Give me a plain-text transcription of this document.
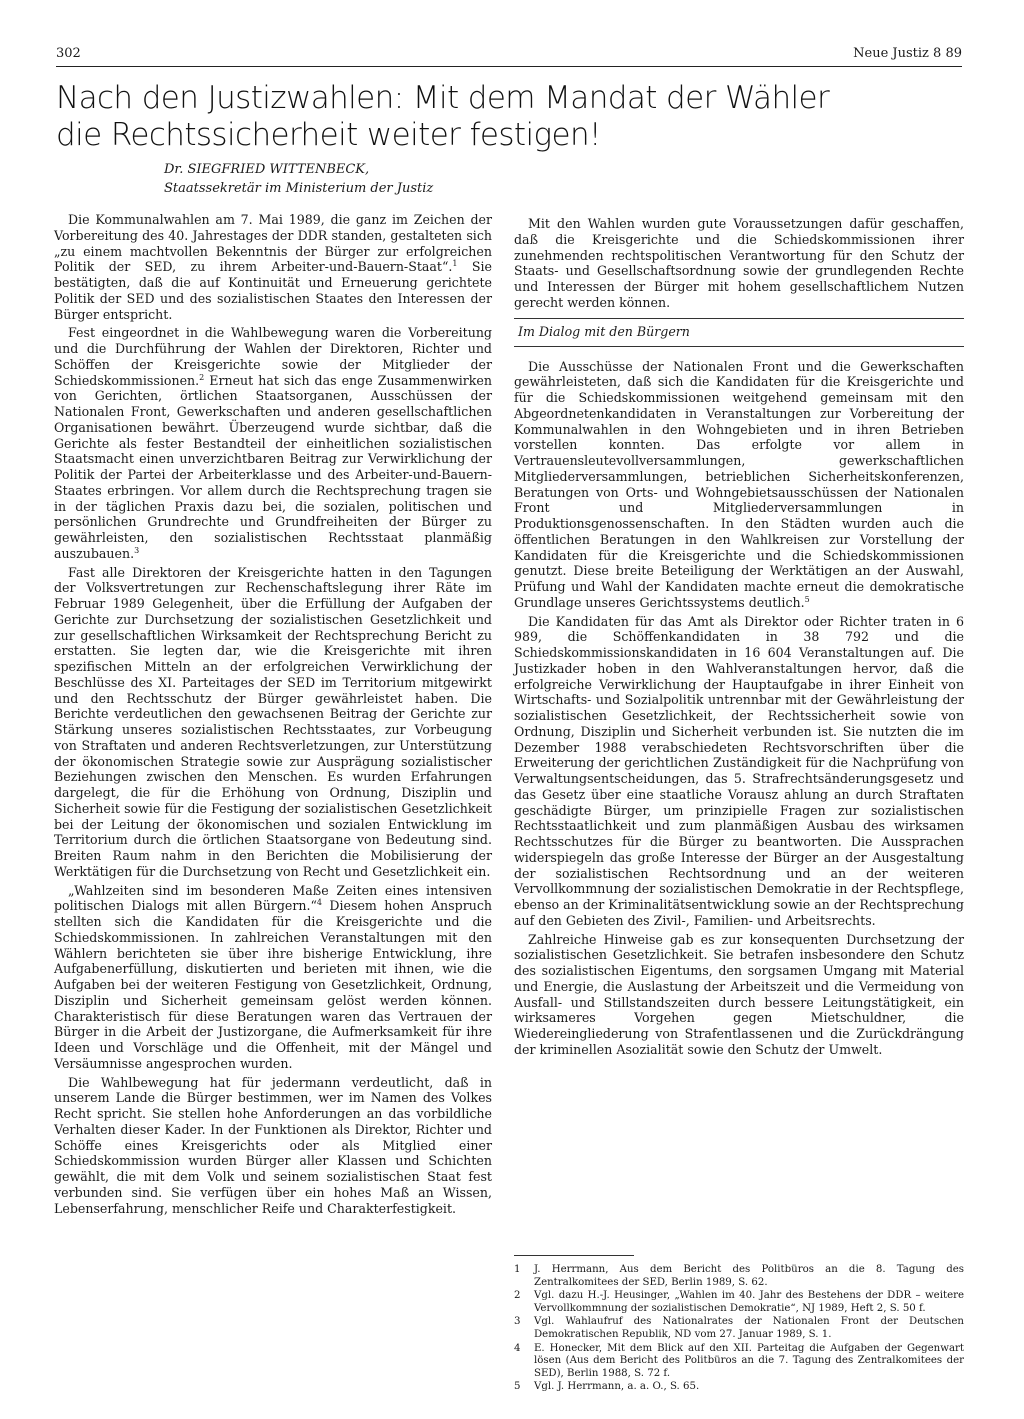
302	Neue Justiz 8 89
Nach den Justizwahlen: Mit dem Mandat der Wähler
die Rechtssicherheit weiter festigen!
Dr. SIEGFRIED WITTENBECK,
Staatssekretär im Ministerium der Justiz

Die Kommunalwahlen am 7. Mai 1989, die ganz im Zeichen der Vorbereitung des 40. Jahrestages der DDR standen, gestalteten sich „zu einem machtvollen Bekenntnis der Bürger zur erfolgreichen Politik der SED, zu ihrem Arbeiter-und-Bauern-Staat“.$^1$ Sie bestätigten, daß die auf Kontinuität und Erneuerung gerichtete Politik der SED und des sozialistischen Staates den Interessen der Bürger entspricht.

Fest eingeordnet in die Wahlbewegung waren die Vorbereitung und die Durchführung der Wahlen der Direktoren, Richter und Schöffen der Kreisgerichte sowie der Mitglieder der Schiedskommissionen.$^2$ Erneut hat sich das enge Zusammenwirken von Gerichten, örtlichen Staatsorganen, Ausschüssen der Nationalen Front, Gewerkschaften und anderen gesellschaftlichen Organisationen bewährt. Überzeugend wurde sichtbar, daß die Gerichte als fester Bestandteil der einheitlichen sozialistischen Staatsmacht einen unverzichtbaren Beitrag zur Verwirklichung der Politik der Partei der Arbeiterklasse und des Arbeiter-und-Bauern-Staates erbringen. Vor allem durch die Rechtsprechung tragen sie in der täglichen Praxis dazu bei, die sozialen, politischen und persönlichen Grundrechte und Grundfreiheiten der Bürger zu gewährleisten, den sozialistischen Rechtsstaat planmäßig auszubauen.$^3$

Fast alle Direktoren der Kreisgerichte hatten in den Tagungen der Volksvertretungen zur Rechenschaftslegung ihrer Räte im Februar 1989 Gelegenheit, über die Erfüllung der Aufgaben der Gerichte zur Durchsetzung der sozialistischen Gesetzlichkeit und zur gesellschaftlichen Wirksamkeit der Rechtsprechung Bericht zu erstatten. Sie legten dar, wie die Kreisgerichte mit ihren spezifischen Mitteln an der erfolgreichen Verwirklichung der Beschlüsse des XI. Parteitages der SED im Territorium mitgewirkt und den Rechtsschutz der Bürger gewährleistet haben. Die Berichte verdeutlichen den gewachsenen Beitrag der Gerichte zur Stärkung unseres sozialistischen Rechtsstaates, zur Vorbeugung von Straftaten und anderen Rechtsverletzungen, zur Unterstützung der ökonomischen Strategie sowie zur Ausprägung sozialistischer Beziehungen zwischen den Menschen. Es wurden Erfahrungen dargelegt, die für die Erhöhung von Ordnung, Disziplin und Sicherheit sowie für die Festigung der sozialistischen Gesetzlichkeit bei der Leitung der ökonomischen und sozialen Entwicklung im Territorium durch die örtlichen Staatsorgane von Bedeutung sind. Breiten Raum nahm in den Berichten die Mobilisierung der Werktätigen für die Durchsetzung von Recht und Gesetzlichkeit ein.

„Wahlzeiten sind im besonderen Maße Zeiten eines intensiven politischen Dialogs mit allen Bürgern.“$^4$ Diesem hohen Anspruch stellten sich die Kandidaten für die Kreisgerichte und die Schiedskommissionen. In zahlreichen Veranstaltungen mit den Wählern berichteten sie über ihre bisherige Entwicklung, ihre Aufgabenerfüllung, diskutierten und berieten mit ihnen, wie die Aufgaben bei der weiteren Festigung von Gesetzlichkeit, Ordnung, Disziplin und Sicherheit gemeinsam gelöst werden können. Charakteristisch für diese Beratungen waren das Vertrauen der Bürger in die Arbeit der Justizorgane, die Aufmerksamkeit für ihre Ideen und Vorschläge und die Offenheit, mit der Mängel und Versäumnisse angesprochen wurden.

Die Wahlbewegung hat für jedermann verdeutlicht, daß in unserem Lande die Bürger bestimmen, wer im Namen des Volkes Recht spricht. Sie stellen hohe Anforderungen an das vorbildliche Verhalten dieser Kader. In der Funktionen als Direktor, Richter und Schöffe eines Kreisgerichts oder als Mitglied einer Schiedskommission wurden Bürger aller Klassen und Schichten gewählt, die mit dem Volk und seinem sozialistischen Staat fest verbunden sind. Sie verfügen über ein hohes Maß an Wissen, Lebenserfahrung, menschlicher Reife und Charakterfestigkeit.

Mit den Wahlen wurden gute Voraussetzungen dafür geschaffen, daß die Kreisgerichte und die Schiedskommissionen ihrer zunehmenden rechtspolitischen Verantwortung für den Schutz der Staats- und Gesellschaftsordnung sowie der grundlegenden Rechte und Interessen der Bürger mit hohem gesellschaftlichem Nutzen gerecht werden können.

Im Dialog mit den Bürgern

Die Ausschüsse der Nationalen Front und die Gewerkschaften gewährleisteten, daß sich die Kandidaten für die Kreisgerichte und für die Schiedskommissionen weitgehend gemeinsam mit den Abgeordnetenkandidaten in Veranstaltungen zur Vorbereitung der Kommunalwahlen in den Wohngebieten und in ihren Betrieben vorstellen konnten. Das erfolgte vor allem in Vertrauensleutevollversammlungen, gewerkschaftlichen Mitgliederversammlungen, betrieblichen Sicherheitskonferenzen, Beratungen von Orts- und Wohngebietsausschüssen der Nationalen Front und Mitgliederversammlungen in Produktionsgenossenschaften. In den Städten wurden auch die öffentlichen Beratungen in den Wahlkreisen zur Vorstellung der Kandidaten für die Kreisgerichte und die Schiedskommissionen genutzt. Diese breite Beteiligung der Werktätigen an der Auswahl, Prüfung und Wahl der Kandidaten machte erneut die demokratische Grundlage unseres Gerichtssystems deutlich.$^5$

Die Kandidaten für das Amt als Direktor oder Richter traten in 6 989, die Schöffenkandidaten in 38 792 und die Schiedskommissionskandidaten in 16 604 Veranstaltungen auf. Die Justizkader hoben in den Wahlveranstaltungen hervor, daß die erfolgreiche Verwirklichung der Hauptaufgabe in ihrer Einheit von Wirtschafts- und Sozialpolitik untrennbar mit der Gewährleistung der sozialistischen Gesetzlichkeit, der Rechtssicherheit sowie von Ordnung, Disziplin und Sicherheit verbunden ist. Sie nutzten die im Dezember 1988 verabschiedeten Rechtsvorschriften über die Erweiterung der gerichtlichen Zuständigkeit für die Nachprüfung von Verwaltungsentscheidungen, das 5. Strafrechtsänderungsgesetz und das Gesetz über eine staatliche Vorausz ahlung an durch Straftaten geschädigte Bürger, um prinzipielle Fragen zur sozialistischen Rechtsstaatlichkeit und zum planmäßigen Ausbau des wirksamen Rechtsschutzes für die Bürger zu beantworten. Die Aussprachen widerspiegeln das große Interesse der Bürger an der Ausgestaltung der sozialistischen Rechtsordnung und an der weiteren Vervollkommnung der sozialistischen Demokratie in der Rechtspflege, ebenso an der Kriminalitätsentwicklung sowie an der Rechtsprechung auf den Gebieten des Zivil-, Familien- und Arbeitsrechts.

Zahlreiche Hinweise gab es zur konsequenten Durchsetzung der sozialistischen Gesetzlichkeit. Sie betrafen insbesondere den Schutz des sozialistischen Eigentums, den sorgsamen Umgang mit Material und Energie, die Auslastung der Arbeitszeit und die Vermeidung von Ausfall- und Stillstandszeiten durch bessere Leitungstätigkeit, ein wirksameres Vorgehen gegen Mietschuldner, die Wiedereingliederung von Strafentlassenen und die Zurückdrängung der kriminellen Asozialität sowie den Schutz der Umwelt.

1 J. Herrmann, Aus dem Bericht des Politbüros an die 8. Tagung des Zentralkomitees der SED, Berlin 1989, S. 62.
2 Vgl. dazu H.-J. Heusinger, „Wahlen im 40. Jahr des Bestehens der DDR – weitere Vervollkommnung der sozialistischen Demokratie“, NJ 1989, Heft 2, S. 50 f.
3 Vgl. Wahlaufruf des Nationalrates der Nationalen Front der Deutschen Demokratischen Republik, ND vom 27. Januar 1989, S. 1.
4 E. Honecker, Mit dem Blick auf den XII. Parteitag die Aufgaben der Gegenwart lösen (Aus dem Bericht des Politbüros an die 7. Tagung des Zentralkomitees der SED), Berlin 1988, S. 72 f.
5 Vgl. J. Herrmann, a. a. O., S. 65.
